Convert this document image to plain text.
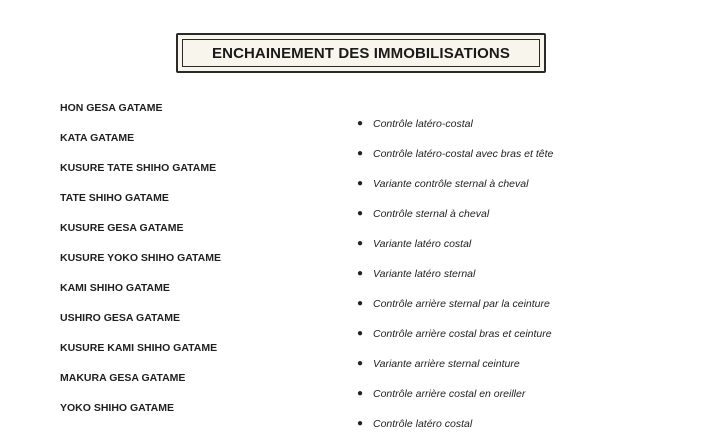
ENCHAINEMENT DES IMMOBILISATIONS
HON GESA GATAME
KATA GATAME
KUSURE TATE SHIHO GATAME
TATE SHIHO GATAME
KUSURE GESA GATAME
KUSURE YOKO SHIHO GATAME
KAMI SHIHO GATAME
USHIRO GESA GATAME
KUSURE KAMI SHIHO GATAME
MAKURA GESA GATAME
YOKO SHIHO GATAME
● Contrôle latéro-costal
● Contrôle latéro-costal avec bras et tête
● Variante contrôle sternal à cheval
● Contrôle sternal à cheval
● Variante latéro costal
● Variante latéro sternal
● Contrôle arrière sternal par la ceinture
● Contrôle arrière costal bras et ceinture
● Variante arrière sternal ceinture
● Contrôle arrière costal en oreiller
● Contrôle latéro costal
